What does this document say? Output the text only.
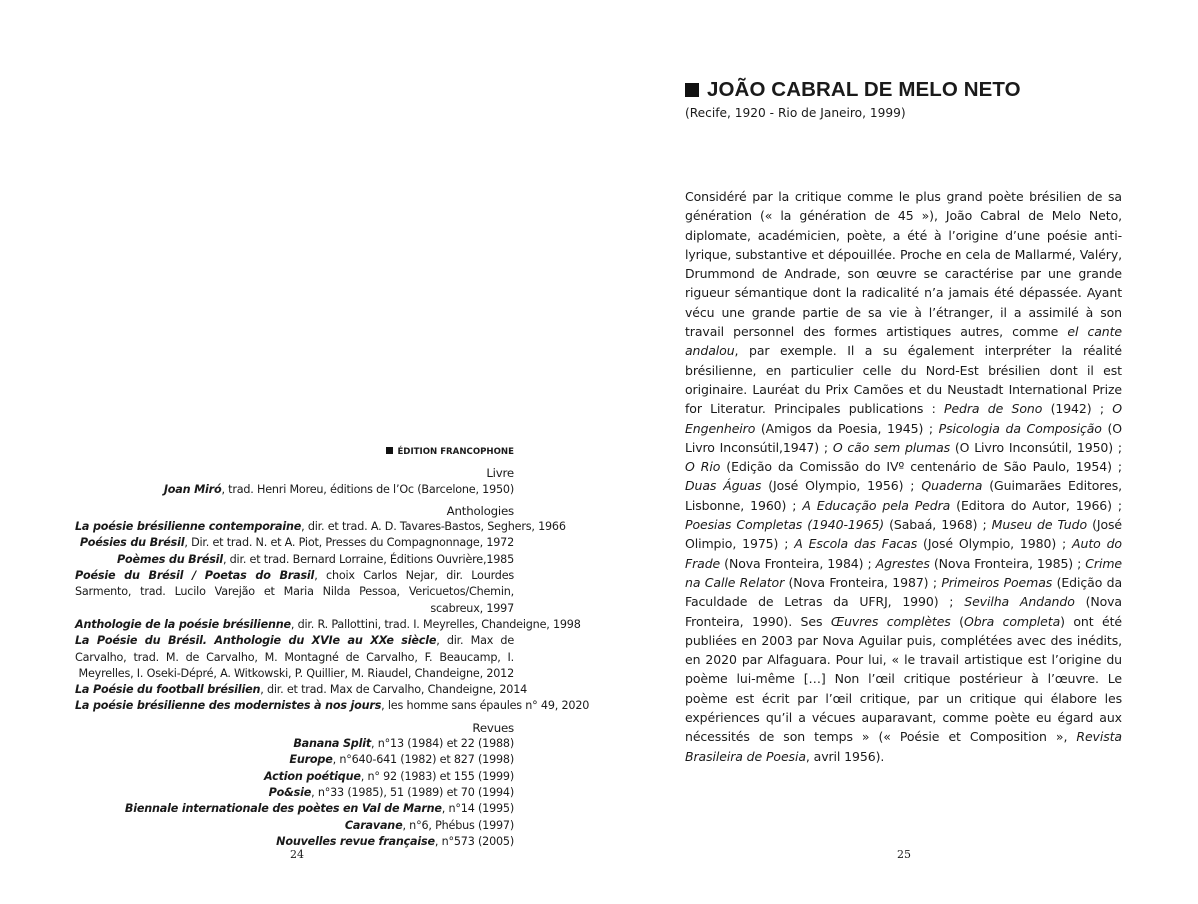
ÉDITION FRANCOPHONE
Livre
Joan Miró, trad. Henri Moreu, éditions de l’Oc (Barcelone, 1950)
Anthologies
La poésie brésilienne contemporaine, dir. et trad. A. D. Tavares-Bastos, Seghers, 1966
Poésies du Brésil, Dir. et trad. N. et A. Piot, Presses du Compagnonnage, 1972
Poèmes du Brésil, dir. et trad. Bernard Lorraine, Éditions Ouvrière,1985
Poésie du Brésil / Poetas do Brasil, choix Carlos Nejar, dir. Lourdes Sarmento, trad. Lucilo Varejão et Maria Nilda Pessoa, Vericuetos/Chemin, scabreux, 1997
Anthologie de la poésie brésilienne, dir. R. Pallottini, trad. I. Meyrelles, Chandeigne, 1998
La Poésie du Brésil. Anthologie du XVIe au XXe siècle, dir. Max de Carvalho, trad. M. de Carvalho, M. Montagné de Carvalho, F. Beaucamp, I. Meyrelles, I. Oseki-Dépré, A. Witkowski, P. Quillier, M. Riaudel, Chandeigne, 2012
La Poésie du football brésilien, dir. et trad. Max de Carvalho, Chandeigne, 2014
La poésie brésilienne des modernistes à nos jours, les homme sans épaules n° 49, 2020
Revues
Banana Split, n°13 (1984) et 22 (1988)
Europe, n°640-641 (1982) et 827 (1998)
Action poétique, n° 92 (1983) et 155 (1999)
Po&sie, n°33 (1985), 51 (1989) et 70 (1994)
Biennale internationale des poètes en Val de Marne, n°14 (1995)
Caravane, n°6, Phébus (1997)
Nouvelles revue française, n°573 (2005)
24
JOÃO CABRAL DE MELO NETO
(Recife, 1920 - Rio de Janeiro, 1999)
Considéré par la critique comme le plus grand poète brésilien de sa génération (« la génération de 45 »), João Cabral de Melo Neto, diplomate, académicien, poète, a été à l’origine d’une poésie anti-lyrique, substantive et dépouillée. Proche en cela de Mallarmé, Valéry, Drummond de Andrade, son œuvre se caractérise par une grande rigueur sémantique dont la radicalité n’a jamais été dépassée. Ayant vécu une grande partie de sa vie à l’étranger, il a assimilé à son travail personnel des formes artistiques autres, comme el cante andalou, par exemple. Il a su également interpréter la réalité brésilienne, en particulier celle du Nord-Est brésilien dont il est originaire. Lauréat du Prix Camões et du Neustadt International Prize for Literatur. Principales publications : Pedra de Sono (1942) ; O Engenheiro (Amigos da Poesia, 1945) ; Psicologia da Composição (O Livro Inconsútil,1947) ; O cão sem plumas (O Livro Inconsútil, 1950) ; O Rio (Edição da Comissão do IVº centenário de São Paulo, 1954) ; Duas Águas (José Olympio, 1956) ; Quaderna (Guimarães Editores, Lisbonne, 1960) ; A Educação pela Pedra (Editora do Autor, 1966) ; Poesias Completas (1940-1965) (Sabaá, 1968) ; Museu de Tudo (José Olimpio, 1975) ; A Escola das Facas (José Olympio, 1980) ; Auto do Frade (Nova Fronteira, 1984) ; Agrestes (Nova Fronteira, 1985) ; Crime na Calle Relator (Nova Fronteira, 1987) ; Primeiros Poemas (Edição da Faculdade de Letras da UFRJ, 1990) ; Sevilha Andando (Nova Fronteira, 1990). Ses Œuvres complètes (Obra completa) ont été publiées en 2003 par Nova Aguilar puis, complétées avec des inédits, en 2020 par Alfaguara. Pour lui, « le travail artistique est l’origine du poème lui-même […] Non l’œil critique postérieur à l’œuvre. Le poème est écrit par l’œil critique, par un critique qui élabore les expériences qu’il a vécues auparavant, comme poète eu égard aux nécessités de son temps » (« Poésie et Composition », Revista Brasileira de Poesia, avril 1956).
25
